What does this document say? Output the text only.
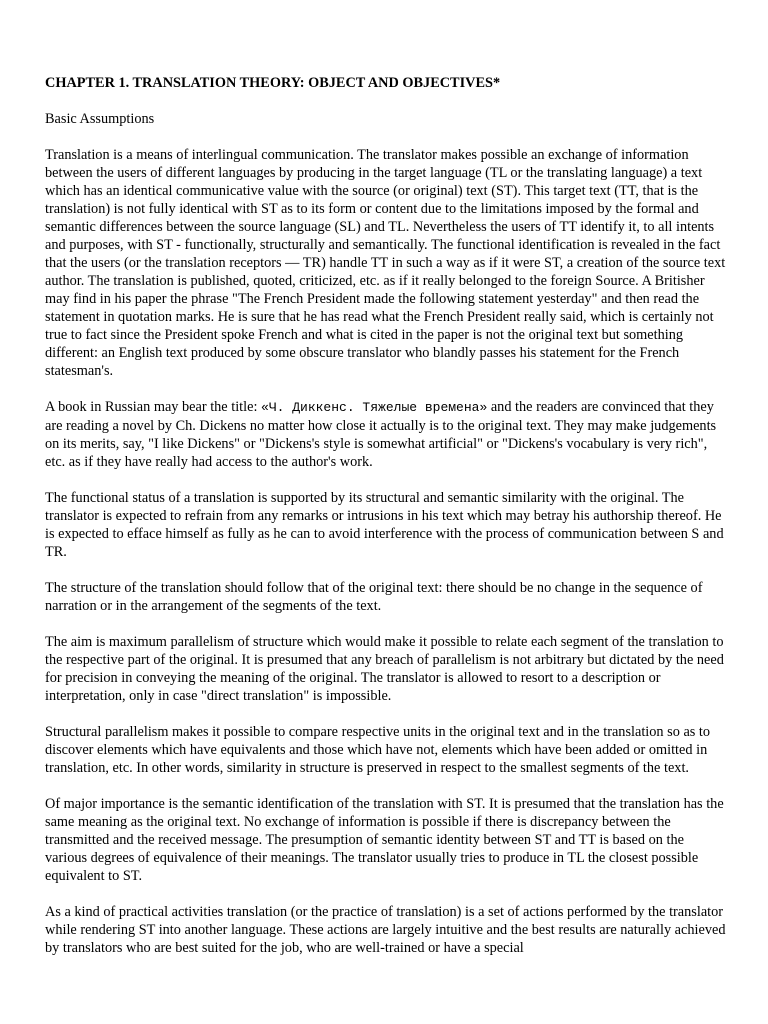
CHAPTER 1. TRANSLATION THEORY: OBJECT AND OBJECTIVES*
Basic Assumptions

Translation is a means of interlingual communication. The translator makes possible an exchange of information between the users of different languages by producing in the target language (TL or the translating language) a text which has an identical communicative value with the source (or original) text (ST). This target text (TT, that is the translation) is not fully identical with ST as to its form or content due to the limitations imposed by the formal and semantic differences between the source language (SL) and TL. Nevertheless the users of TT identify it, to all intents and purposes, with ST - functionally, structurally and semantically. The functional identification is revealed in the fact that the users (or the translation receptors — TR) handle TT in such a way as if it were ST, a creation of the source text author. The translation is published, quoted, criticized, etc. as if it really belonged to the foreign Source. A Britisher may find in his paper the phrase "The French President made the following statement yesterday" and then read the statement in quotation marks. He is sure that he has read what the French President really said, which is certainly not true to fact since the President spoke French and what is cited in the paper is not the original text but something different: an English text produced by some obscure translator who blandly passes his statement for the French statesman's.

A book in Russian may bear the title: «Ч. Диккенс. Тяжелые времена» and the readers are convinced that they are reading a novel by Ch. Dickens no matter how close it actually is to the original text. They may make judgements on its merits, say, "I like Dickens" or "Dickens's style is somewhat artificial" or "Dickens's vocabulary is very rich", etc. as if they have really had access to the author's work.

The functional status of a translation is supported by its structural and semantic similarity with the original. The translator is expected to refrain from any remarks or intrusions in his text which may betray his authorship thereof. He is expected to efface himself as fully as he can to avoid interference with the process of communication between S and TR.

The structure of the translation should follow that of the original text: there should be no change in the sequence of narration or in the arrangement of the segments of the text.

The aim is maximum parallelism of structure which would make it possible to relate each segment of the translation to the respective part of the original. It is presumed that any breach of parallelism is not arbitrary but dictated by the need for precision in conveying the meaning of the original. The translator is allowed to resort to a description or interpretation, only in case "direct translation" is impossible.

Structural parallelism makes it possible to compare respective units in the original text and in the translation so as to discover elements which have equivalents and those which have not, elements which have been added or omitted in translation, etc. In other words, similarity in structure is preserved in respect to the smallest segments of the text.

Of major importance is the semantic identification of the translation with ST. It is presumed that the translation has the same meaning as the original text. No exchange of information is possible if there is discrepancy between the transmitted and the received message. The presumption of semantic identity between ST and TT is based on the various degrees of equivalence of their meanings. The translator usually tries to produce in TL the closest possible equivalent to ST.

As a kind of practical activities translation (or the practice of translation) is a set of actions performed by the translator while rendering ST into another language. These actions are largely intuitive and the best results are naturally achieved by translators who are best suited for the job, who are well-trained or have a special
